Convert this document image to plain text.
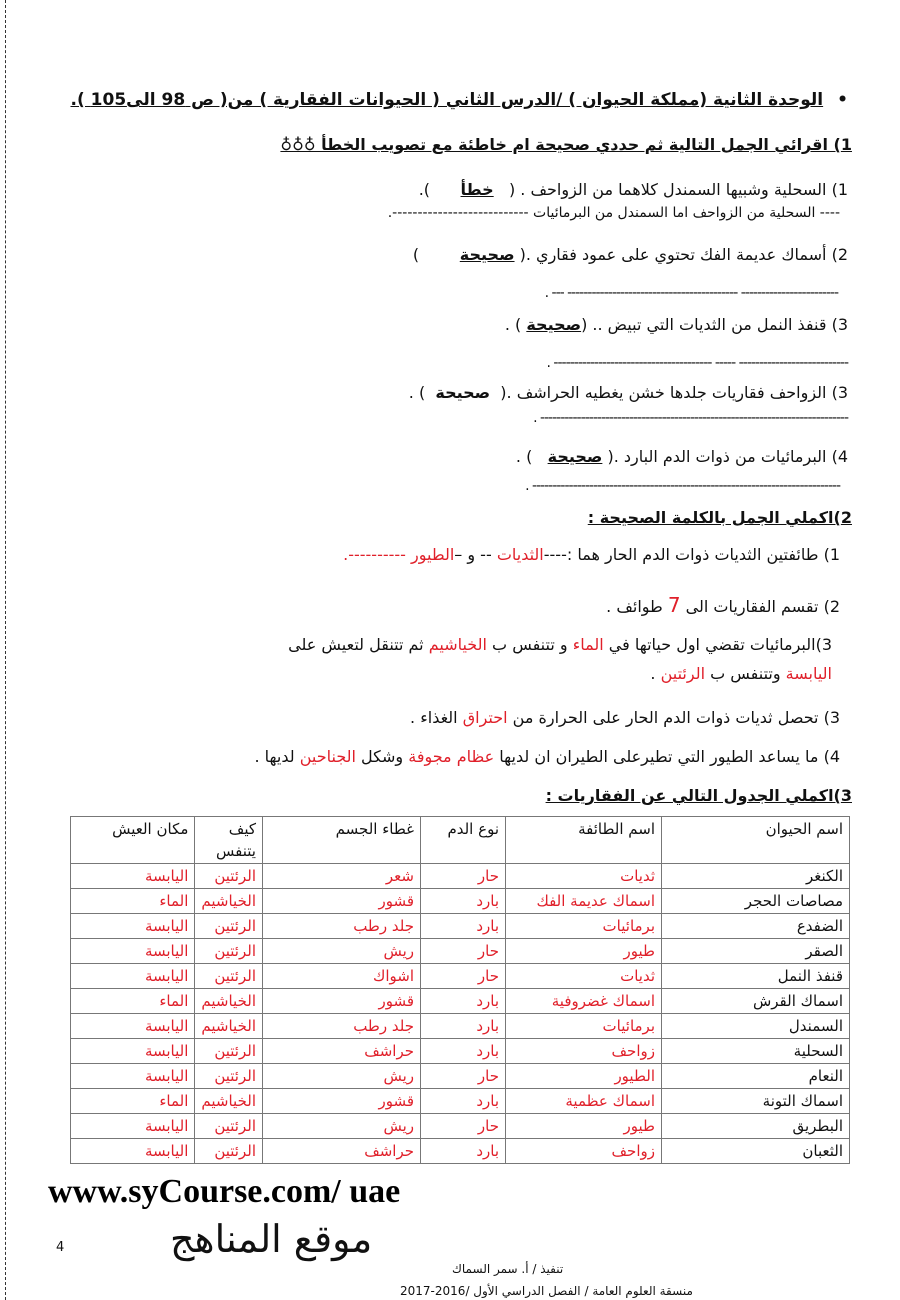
•الوحدة الثانية (مملكة الحيوان ) /الدرس الثاني ( الحيوانات الفقارية ) من( ص 98 الى105 ).
1) اقرائي الجمل التالية ثم حددي صحيحة ام خاطئة مع تصويب الخطأ ♁♁♁
1) السحلية وشبيها السمندل كلاهما من الزواحف . (   خطأ      ).
---- السحلية من الزواحف اما السمندل من البرمائيات ---------------------------.
2) أسماك عديمة الفك تحتوي على عمود فقاري .( صحيحة        )
------------------------ ------------------------------------------ --- .
3) قنفذ النمل من الثديات التي تبيض .. (صحيحة ) .
--------------------------- ----- --------------------------------------- .
3) الزواحف فقاريات جلدها خشن يغطيه الحراشف .(  صحيحة  ) .
---------------------------------------------------------------------------- .
4) البرمائيات من ذوات الدم البارد .( صحيحة   ) .
---------------------------------------------------------------------------- .
2)اكملي الجمل بالكلمة الصحيحة :
1) طائفتين الثديات ذوات الدم الحار هما :----الثديات -- و –الطيور ----------.
2) تقسم الفقاريات الى 7 طوائف .
3)البرمائيات تقضي اول حياتها في الماء و تتنفس ب الخياشيم ثم تتنقل لتعيش على
اليابسة وتتنفس ب الرئتين .
3) تحصل ثديات ذوات الدم الحار على الحرارة من احتراق الغذاء .
4) ما يساعد الطيور التي تطيرعلى الطيران ان لديها عظام مجوفة وشكل الجناحين لديها .
3)اكملي الجدول التالي عن الفقاريات :
اسم الحيوان	اسم الطائفة	نوع الدم	غطاء الجسم	كيف يتنفس	مكان العيش
الكنغر	ثديات	حار	شعر	الرئتين	اليابسة
مصاصات الحجر	اسماك عديمة الفك	بارد	قشور	الخياشيم	الماء
الضفدع	برمائيات	بارد	جلد رطب	الرئتين	اليابسة
الصقر	طيور	حار	ريش	الرئتين	اليابسة
قنفذ النمل	ثديات	حار	اشواك	الرئتين	اليابسة
اسماك القرش	اسماك غضروفية	بارد	قشور	الخياشيم	الماء
السمندل	برمائيات	بارد	جلد رطب	الخياشيم	اليابسة
السحلية	زواحف	بارد	حراشف	الرئتين	اليابسة
النعام	الطيور	حار	ريش	الرئتين	اليابسة
اسماك التونة	اسماك عظمية	بارد	قشور	الخياشيم	الماء
البطريق	طيور	حار	ريش	الرئتين	اليابسة
الثعبان	زواحف	بارد	حراشف	الرئتين	اليابسة
www.syCourse.com/ uae
4	موقع المناهج
تنفيذ / أ. سمر السماك
منسقة العلوم العامة / الفصل الدراسي الأول /2016-2017
